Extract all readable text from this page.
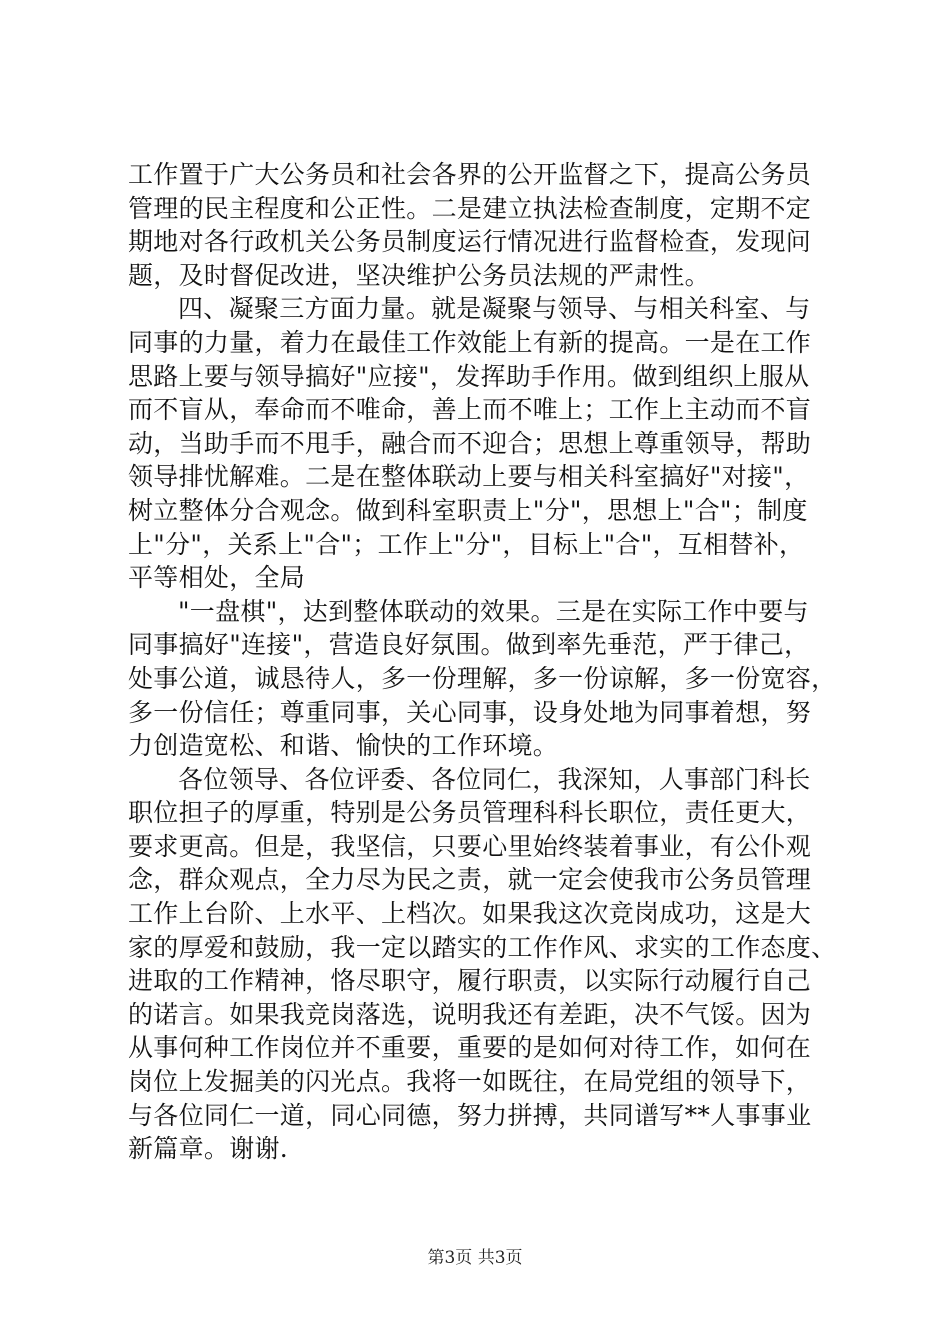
工作置于广大公务员和社会各界的公开监督之下，提高公务员
管理的民主程度和公正性。二是建立执法检查制度，定期不定
期地对各行政机关公务员制度运行情况进行监督检查，发现问
题，及时督促改进，坚决维护公务员法规的严肃性。
四、凝聚三方面力量。就是凝聚与领导、与相关科室、与
同事的力量，着力在最佳工作效能上有新的提高。一是在工作
思路上要与领导搞好"应接"，发挥助手作用。做到组织上服从
而不盲从，奉命而不唯命，善上而不唯上；工作上主动而不盲
动，当助手而不甩手，融合而不迎合；思想上尊重领导，帮助
领导排忧解难。二是在整体联动上要与相关科室搞好"对接"，
树立整体分合观念。做到科室职责上"分"，思想上"合"；制度
上"分"，关系上"合"；工作上"分"，目标上"合"，互相替补，
平等相处，全局
"一盘棋"，达到整体联动的效果。三是在实际工作中要与
同事搞好"连接"，营造良好氛围。做到率先垂范，严于律己，
处事公道，诚恳待人，多一份理解，多一份谅解，多一份宽容，
多一份信任；尊重同事，关心同事，设身处地为同事着想，努
力创造宽松、和谐、愉快的工作环境。
各位领导、各位评委、各位同仁，我深知，人事部门科长
职位担子的厚重，特别是公务员管理科科长职位，责任更大，
要求更高。但是，我坚信，只要心里始终装着事业，有公仆观
念，群众观点，全力尽为民之责，就一定会使我市公务员管理
工作上台阶、上水平、上档次。如果我这次竞岗成功，这是大
家的厚爱和鼓励，我一定以踏实的工作作风、求实的工作态度、
进取的工作精神，恪尽职守，履行职责，以实际行动履行自己
的诺言。如果我竞岗落选，说明我还有差距，决不气馁。因为
从事何种工作岗位并不重要，重要的是如何对待工作，如何在
岗位上发掘美的闪光点。我将一如既往，在局党组的领导下，
与各位同仁一道，同心同德，努力拼搏，共同谱写**人事事业
新篇章。谢谢.
第3页 共3页
